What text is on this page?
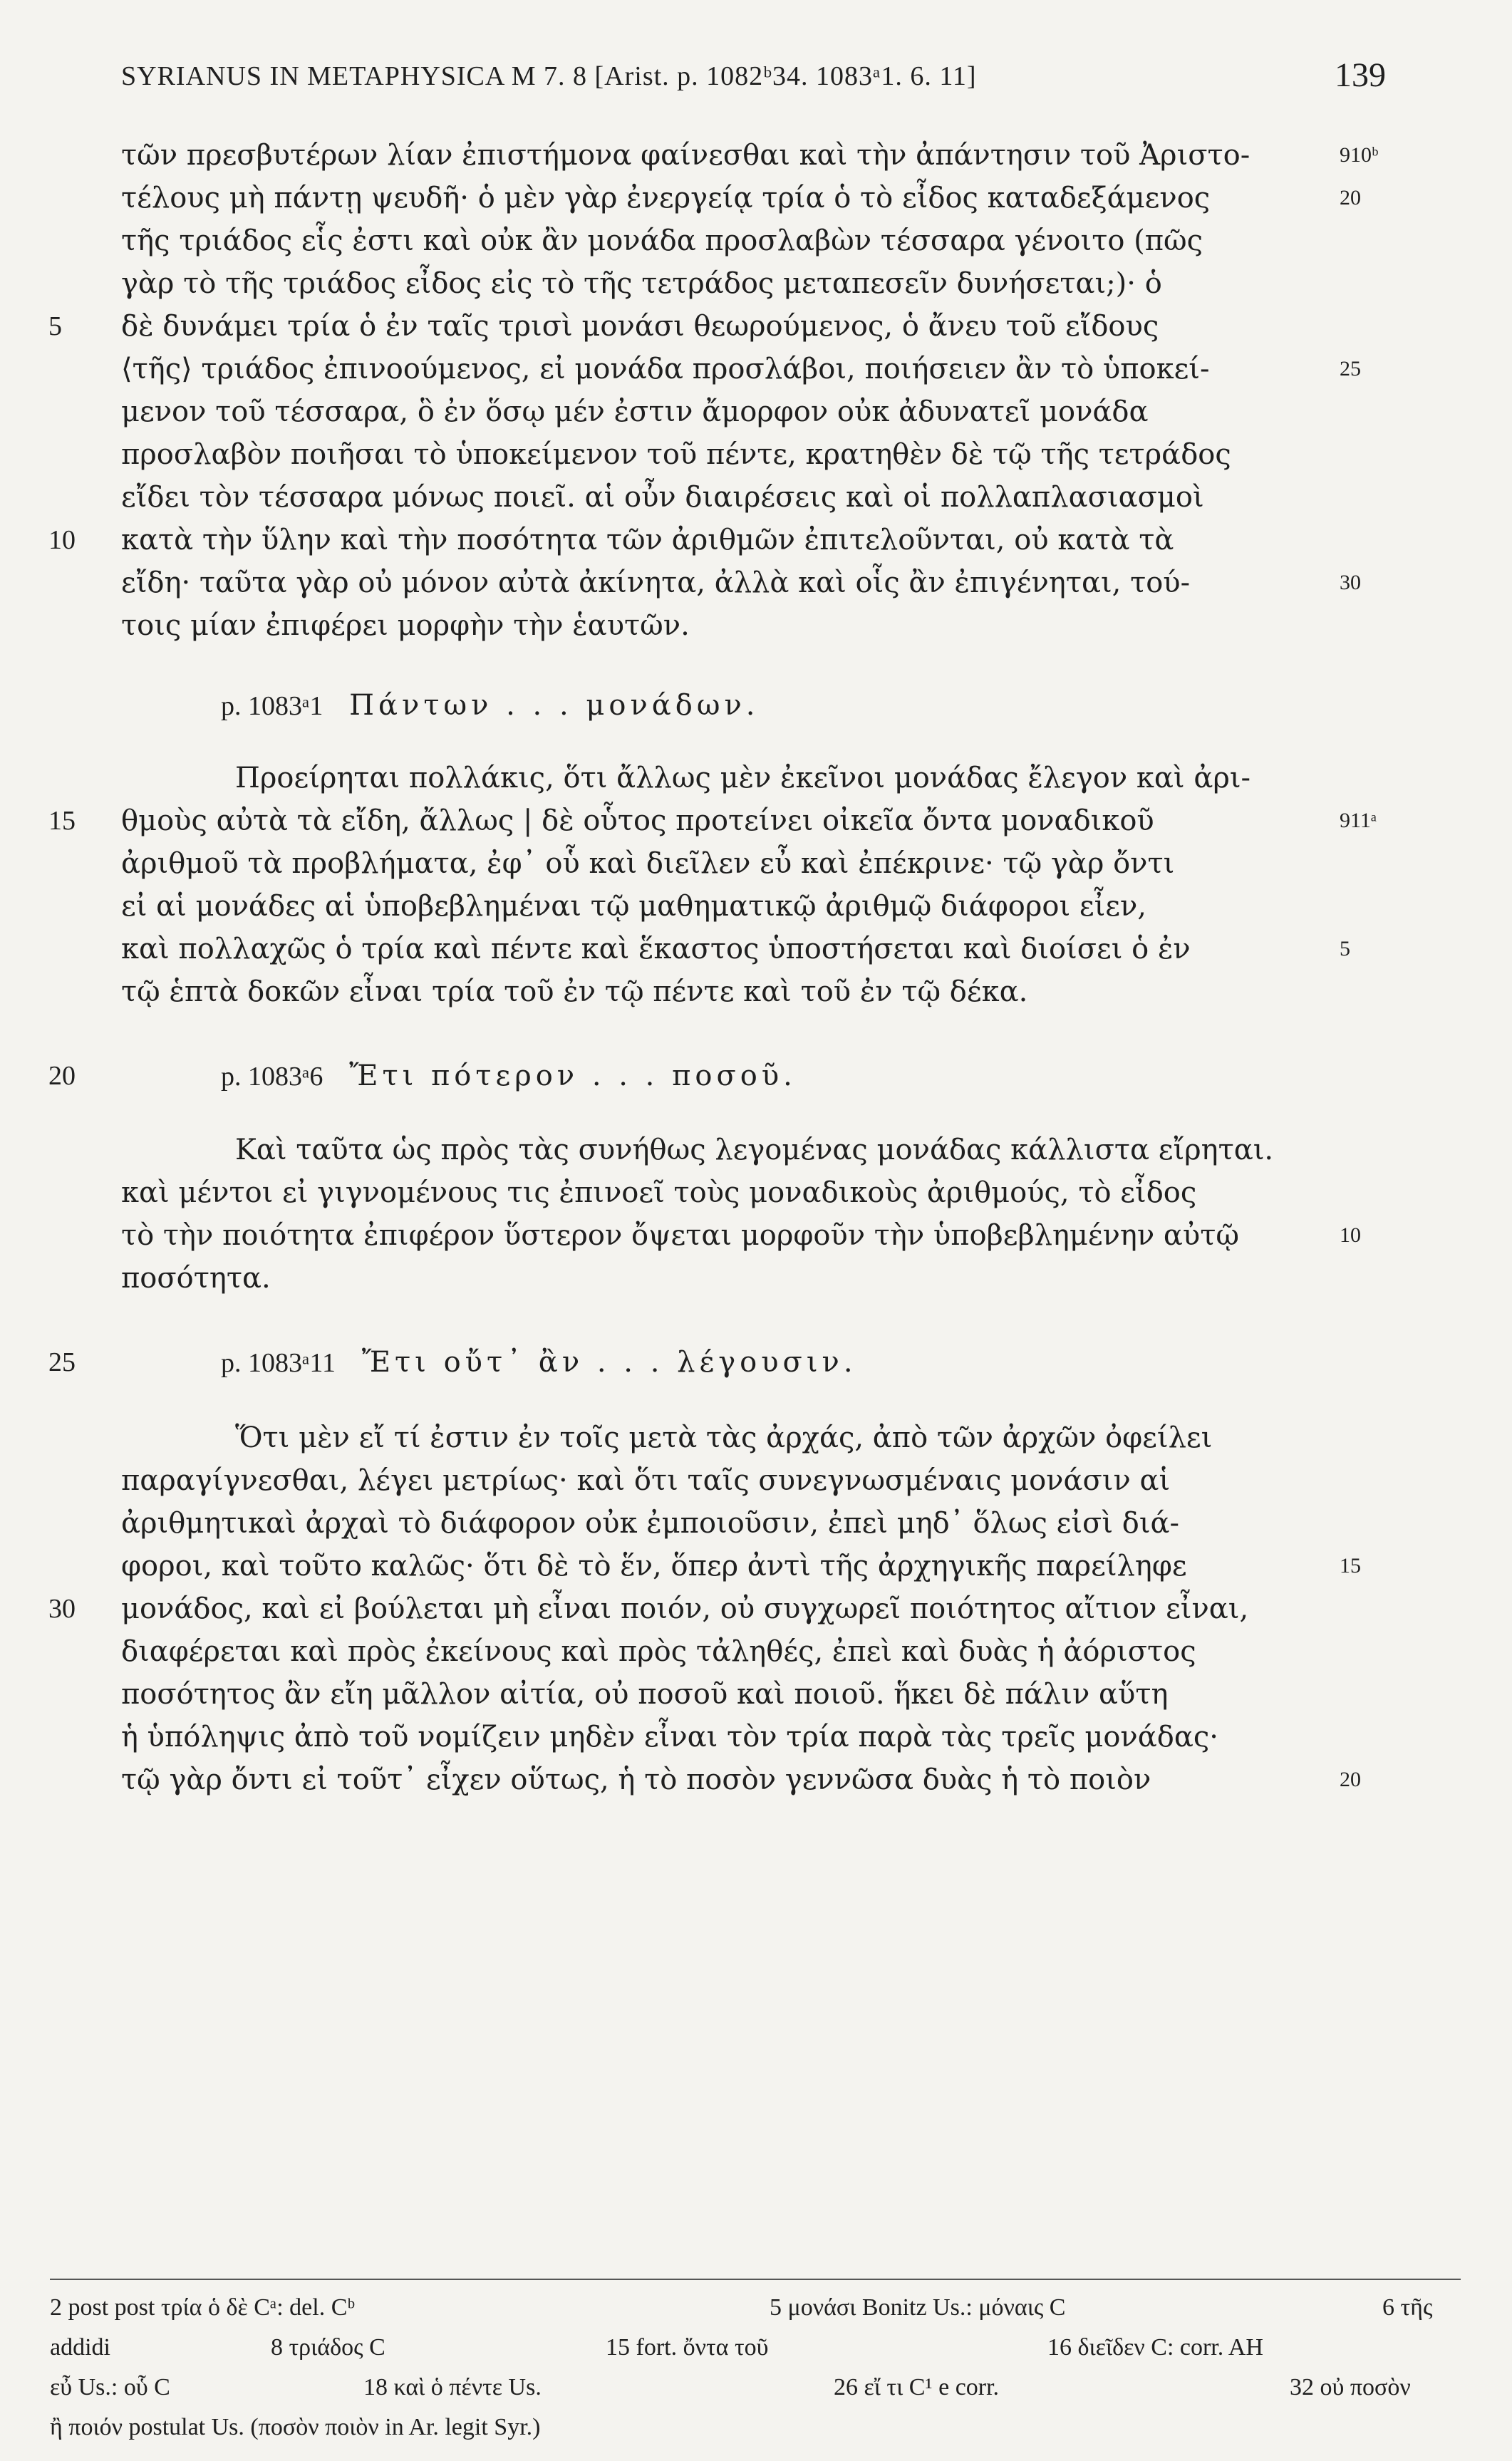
SYRIANUS IN METAPHYSICA M 7. 8 [Arist. p. 1082ᵇ34. 1083ᵃ1. 6. 11]	139
τῶν πρεσβυτέρων λίαν ἐπιστήμονα φαίνεσθαι καὶ τὴν ἀπάντησιν τοῦ Ἀριστο-
τέλους μὴ πάντῃ ψευδῆ· ὁ μὲν γὰρ ἐνεργείᾳ τρία ὁ τὸ εἶδος καταδεξάμενος
τῆς τριάδος εἷς ἐστι καὶ οὐκ ἂν μονάδα προσλαβὼν τέσσαρα γένοιτο (πῶς
γὰρ τὸ τῆς τριάδος εἶδος εἰς τὸ τῆς τετράδος μεταπεσεῖν δυνήσεται;)· ὁ
δὲ δυνάμει τρία ὁ ἐν ταῖς τρισὶ μονάσι θεωρούμενος, ὁ ἄνευ τοῦ εἴδους
⟨τῆς⟩ τριάδος ἐπινοούμενος, εἰ μονάδα προσλάβοι, ποιήσειεν ἂν τὸ ὑποκεί-
μενον τοῦ τέσσαρα, ὃ ἐν ὅσῳ μέν ἐστιν ἄμορφον οὐκ ἀδυνατεῖ μονάδα
προσλαβὸν ποιῆσαι τὸ ὑποκείμενον τοῦ πέντε, κρατηθὲν δὲ τῷ τῆς τετράδος
εἴδει τὸν τέσσαρα μόνως ποιεῖ. αἱ οὖν διαιρέσεις καὶ οἱ πολλαπλασιασμοὶ
κατὰ τὴν ὕλην καὶ τὴν ποσότητα τῶν ἀριθμῶν ἐπιτελοῦνται, οὐ κατὰ τὰ
εἴδη· ταῦτα γὰρ οὐ μόνον αὐτὰ ἀκίνητα, ἀλλὰ καὶ οἷς ἂν ἐπιγένηται, τού-
τοις μίαν ἐπιφέρει μορφὴν τὴν ἑαυτῶν.
p. 1083ᵃ1 Πάντων . . . μονάδων.
Προείρηται πολλάκις, ὅτι ἄλλως μὲν ἐκεῖνοι μονάδας ἔλεγον καὶ ἀρι-
θμοὺς αὐτὰ τὰ εἴδη, ἄλλως | δὲ οὗτος προτείνει οἰκεῖα ὄντα μοναδικοῦ
ἀριθμοῦ τὰ προβλήματα, ἐφ᾽ οὗ καὶ διεῖλεν εὖ καὶ ἐπέκρινε· τῷ γὰρ ὄντι
εἰ αἱ μονάδες αἱ ὑποβεβλημέναι τῷ μαθηματικῷ ἀριθμῷ διάφοροι εἶεν,
καὶ πολλαχῶς ὁ τρία καὶ πέντε καὶ ἕκαστος ὑποστήσεται καὶ διοίσει ὁ ἐν
τῷ ἑπτὰ δοκῶν εἶναι τρία τοῦ ἐν τῷ πέντε καὶ τοῦ ἐν τῷ δέκα.
p. 1083ᵃ6 Ἔτι πότερον . . . ποσοῦ.
Καὶ ταῦτα ὡς πρὸς τὰς συνήθως λεγομένας μονάδας κάλλιστα εἴρηται.
καὶ μέντοι εἰ γιγνομένους τις ἐπινοεῖ τοὺς μοναδικοὺς ἀριθμούς, τὸ εἶδος
τὸ τὴν ποιότητα ἐπιφέρον ὕστερον ὄψεται μορφοῦν τὴν ὑποβεβλημένην αὐτῷ
ποσότητα.
p. 1083ᵃ11 Ἔτι οὔτ᾽ ἂν . . . λέγουσιν.
Ὅτι μὲν εἴ τί ἐστιν ἐν τοῖς μετὰ τὰς ἀρχάς, ἀπὸ τῶν ἀρχῶν ὀφείλει
παραγίγνεσθαι, λέγει μετρίως· καὶ ὅτι ταῖς συνεγνωσμέναις μονάσιν αἱ
ἀριθμητικαὶ ἀρχαὶ τὸ διάφορον οὐκ ἐμποιοῦσιν, ἐπεὶ μηδ᾽ ὅλως εἰσὶ διά-
φοροι, καὶ τοῦτο καλῶς· ὅτι δὲ τὸ ἕν, ὅπερ ἀντὶ τῆς ἀρχηγικῆς παρείληφε
μονάδος, καὶ εἰ βούλεται μὴ εἶναι ποιόν, οὐ συγχωρεῖ ποιότητος αἴτιον εἶναι,
διαφέρεται καὶ πρὸς ἐκείνους καὶ πρὸς τἀληθές, ἐπεὶ καὶ δυὰς ἡ ἀόριστος
ποσότητος ἂν εἴη μᾶλλον αἰτία, οὐ ποσοῦ καὶ ποιοῦ. ἥκει δὲ πάλιν αὕτη
ἡ ὑπόληψις ἀπὸ τοῦ νομίζειν μηδὲν εἶναι τὸν τρία παρὰ τὰς τρεῖς μονάδας·
τῷ γὰρ ὄντι εἰ τοῦτ᾽ εἶχεν οὕτως, ἡ τὸ ποσὸν γεννῶσα δυὰς ἡ τὸ ποιὸν
5
10
15
20
25
30
910ᵇ
20
25
30
911ᵃ
5
10
15
20
2 post post τρία ὁ δὲ Cᵃ: del. Cᵇ	5 μονάσι Bonitz Us.: μόναις C	6 τῆς
addidi	8 τριάδος C	15 fort. ὄντα τοῦ	16 διεῖδεν C: corr. AH
εὖ Us.: οὗ C	18 καὶ ὁ πέντε Us.	26 εἴ τι C¹ e corr.	32 οὐ ποσὸν
ἢ ποιόν postulat Us. (ποσὸν ποιὸν in Ar. legit Syr.)
